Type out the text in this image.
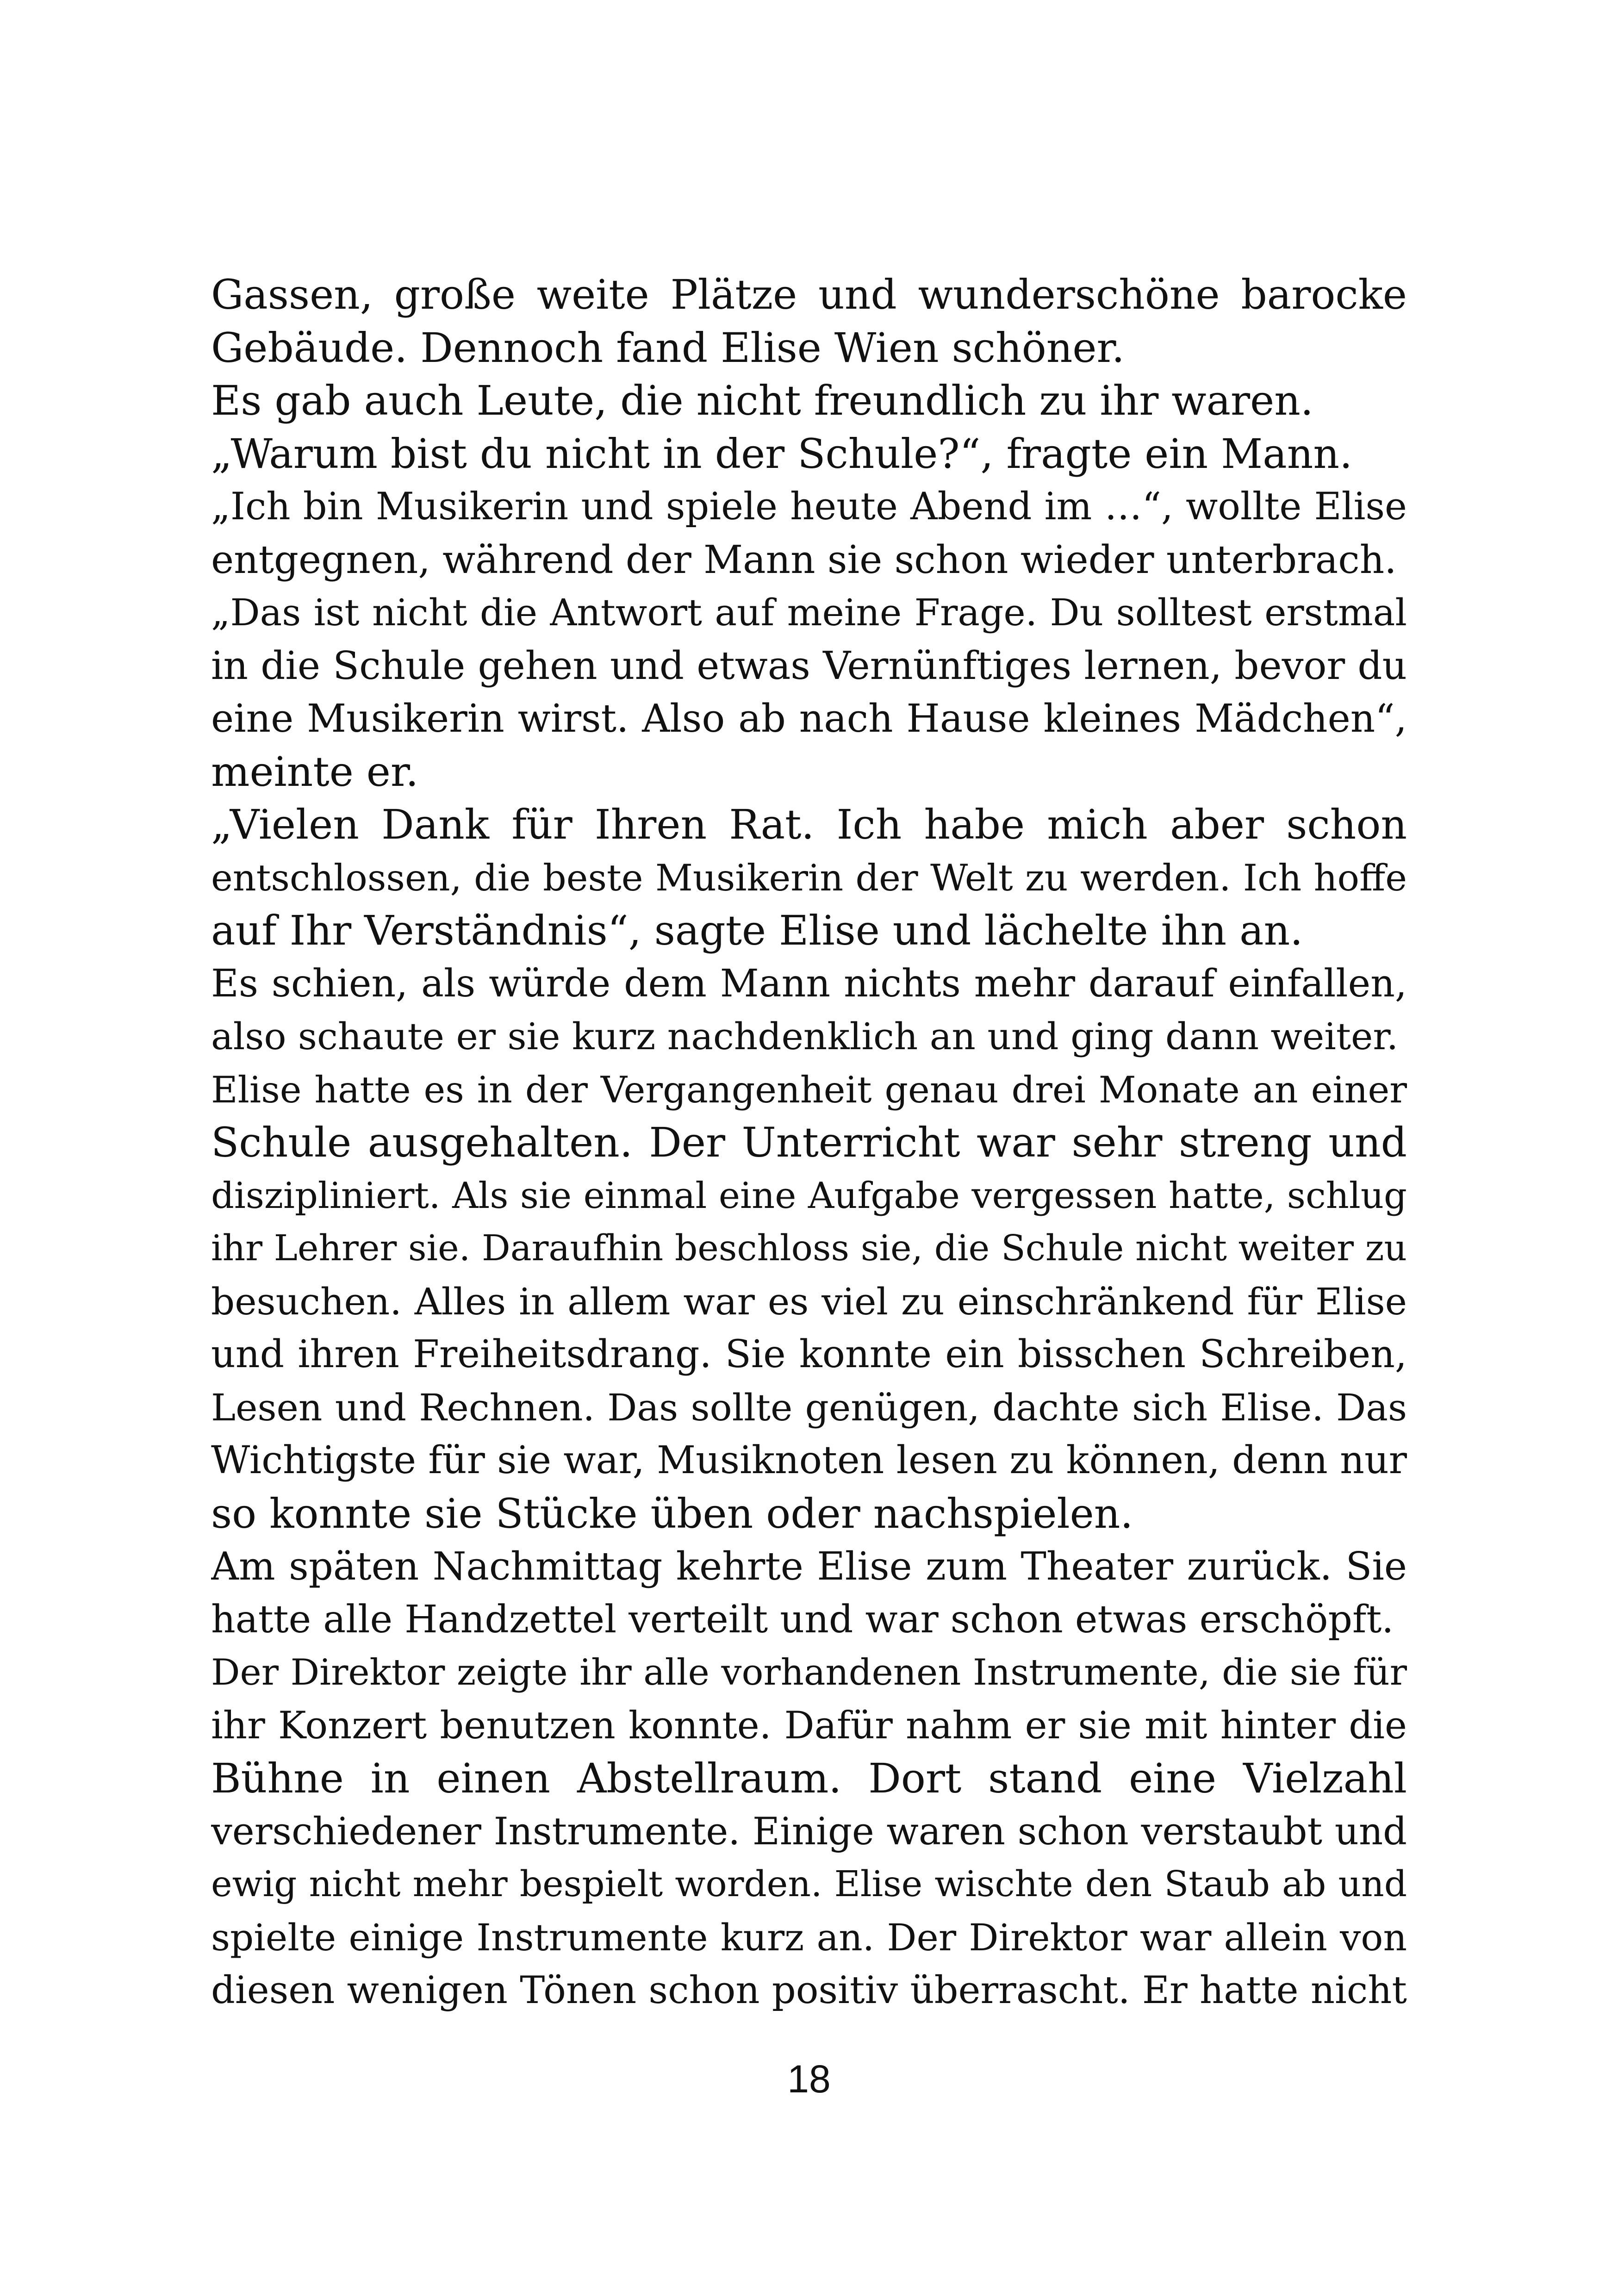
Gassen, große weite Plätze und wunderschöne barocke
Gebäude. Dennoch fand Elise Wien schöner.
Es gab auch Leute, die nicht freundlich zu ihr waren.
„Warum bist du nicht in der Schule?“, fragte ein Mann.
„Ich bin Musikerin und spiele heute Abend im …“, wollte Elise
entgegnen, während der Mann sie schon wieder unterbrach.
„Das ist nicht die Antwort auf meine Frage. Du solltest erstmal
in die Schule gehen und etwas Vernünftiges lernen, bevor du
eine Musikerin wirst. Also ab nach Hause kleines Mädchen“,
meinte er.
„Vielen Dank für Ihren Rat. Ich habe mich aber schon
entschlossen, die beste Musikerin der Welt zu werden. Ich hoffe
auf Ihr Verständnis“, sagte Elise und lächelte ihn an.
Es schien, als würde dem Mann nichts mehr darauf einfallen,
also schaute er sie kurz nachdenklich an und ging dann weiter.
Elise hatte es in der Vergangenheit genau drei Monate an einer
Schule ausgehalten. Der Unterricht war sehr streng und
diszipliniert. Als sie einmal eine Aufgabe vergessen hatte, schlug
ihr Lehrer sie. Daraufhin beschloss sie, die Schule nicht weiter zu
besuchen. Alles in allem war es viel zu einschränkend für Elise
und ihren Freiheitsdrang. Sie konnte ein bisschen Schreiben,
Lesen und Rechnen. Das sollte genügen, dachte sich Elise. Das
Wichtigste für sie war, Musiknoten lesen zu können, denn nur
so konnte sie Stücke üben oder nachspielen.
Am späten Nachmittag kehrte Elise zum Theater zurück. Sie
hatte alle Handzettel verteilt und war schon etwas erschöpft.
Der Direktor zeigte ihr alle vorhandenen Instrumente, die sie für
ihr Konzert benutzen konnte. Dafür nahm er sie mit hinter die
Bühne in einen Abstellraum. Dort stand eine Vielzahl
verschiedener Instrumente. Einige waren schon verstaubt und
ewig nicht mehr bespielt worden. Elise wischte den Staub ab und
spielte einige Instrumente kurz an. Der Direktor war allein von
diesen wenigen Tönen schon positiv überrascht. Er hatte nicht
18
